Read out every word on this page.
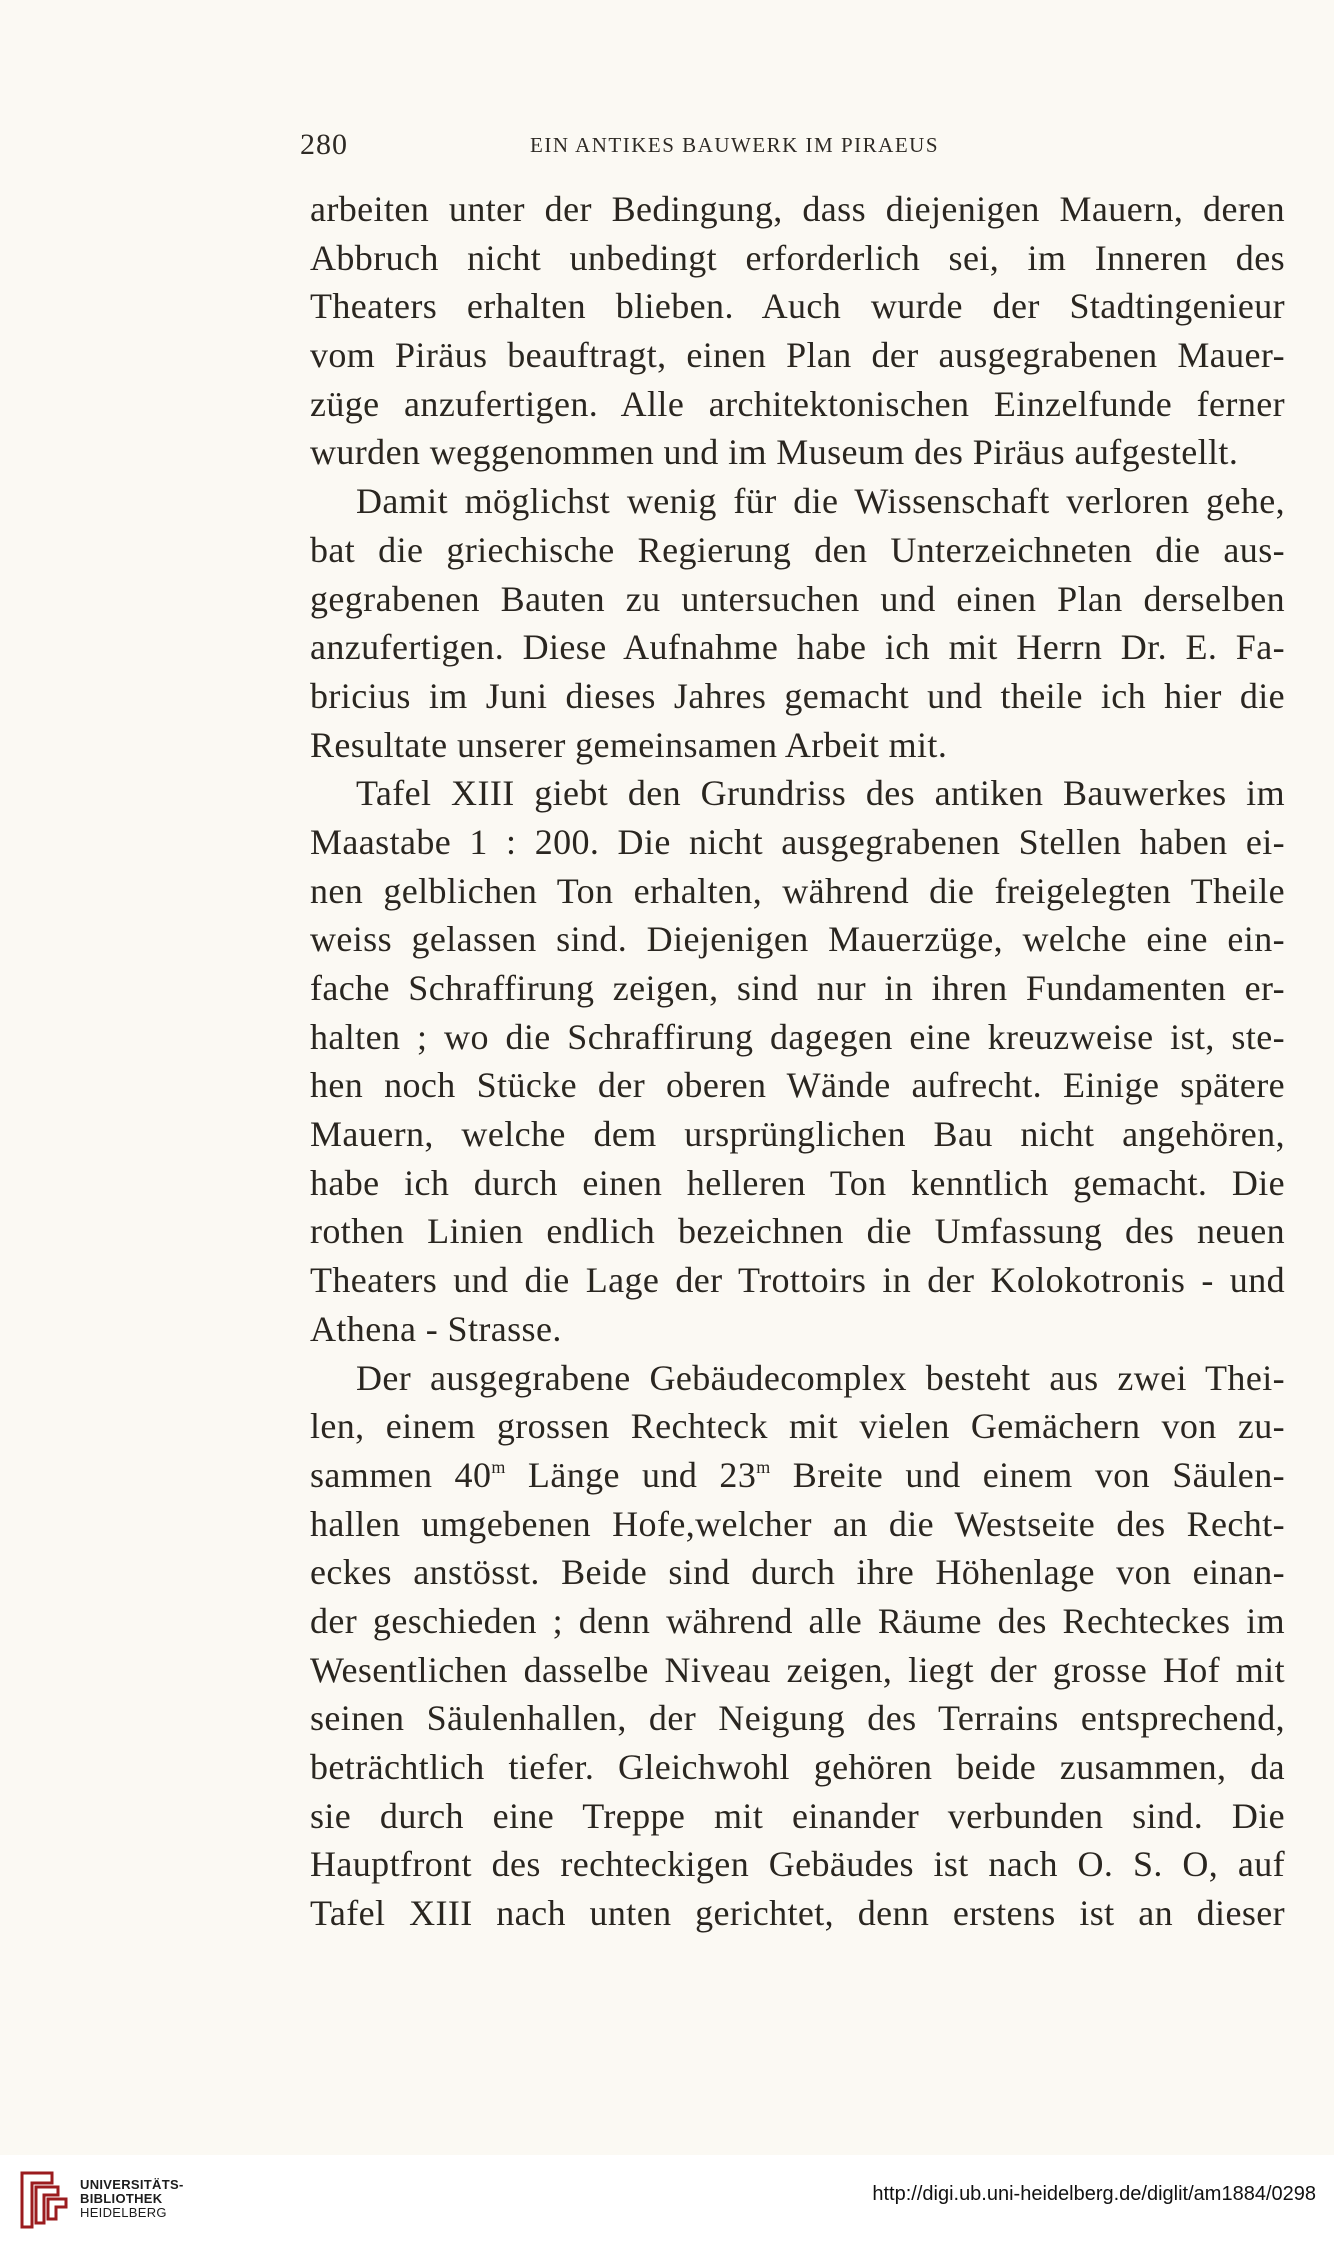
280	EIN ANTIKES BAUWERK IM PIRAEUS
arbeiten unter der Bedingung, dass diejenigen Mauern, deren
Abbruch nicht unbedingt erforderlich sei, im Inneren des
Theaters erhalten blieben. Auch wurde der Stadtingenieur
vom Piräus beauftragt, einen Plan der ausgegrabenen Mauer-
züge anzufertigen. Alle architektonischen Einzelfunde ferner
wurden weggenommen und im Museum des Piräus aufgestellt.
Damit möglichst wenig für die Wissenschaft verloren gehe,
bat die griechische Regierung den Unterzeichneten die aus-
gegrabenen Bauten zu untersuchen und einen Plan derselben
anzufertigen. Diese Aufnahme habe ich mit Herrn Dr. E. Fa-
bricius im Juni dieses Jahres gemacht und theile ich hier die
Resultate unserer gemeinsamen Arbeit mit.
Tafel XIII giebt den Grundriss des antiken Bauwerkes im
Maastabe 1 : 200. Die nicht ausgegrabenen Stellen haben ei-
nen gelblichen Ton erhalten, während die freigelegten Theile
weiss gelassen sind. Diejenigen Mauerzüge, welche eine ein-
fache Schraffirung zeigen, sind nur in ihren Fundamenten er-
halten ; wo die Schraffirung dagegen eine kreuzweise ist, ste-
hen noch Stücke der oberen Wände aufrecht. Einige spätere
Mauern, welche dem ursprünglichen Bau nicht angehören,
habe ich durch einen helleren Ton kenntlich gemacht. Die
rothen Linien endlich bezeichnen die Umfassung des neuen
Theaters und die Lage der Trottoirs in der Kolokotronis - und
Athena - Strasse.
Der ausgegrabene Gebäudecomplex besteht aus zwei Thei-
len, einem grossen Rechteck mit vielen Gemächern von zu-
sammen 40$^m$ Länge und 23$^m$ Breite und einem von Säulen-
hallen umgebenen Hofe,welcher an die Westseite des Recht-
eckes anstösst. Beide sind durch ihre Höhenlage von einan-
der geschieden ; denn während alle Räume des Rechteckes im
Wesentlichen dasselbe Niveau zeigen, liegt der grosse Hof mit
seinen Säulenhallen, der Neigung des Terrains entsprechend,
beträchtlich tiefer. Gleichwohl gehören beide zusammen, da
sie durch eine Treppe mit einander verbunden sind. Die
Hauptfront des rechteckigen Gebäudes ist nach O. S. O, auf
Tafel XIII nach unten gerichtet, denn erstens ist an dieser
UNIVERSITÄTS-
BIBLIOTHEK
HEIDELBERG
http://digi.ub.uni-heidelberg.de/diglit/am1884/0298
